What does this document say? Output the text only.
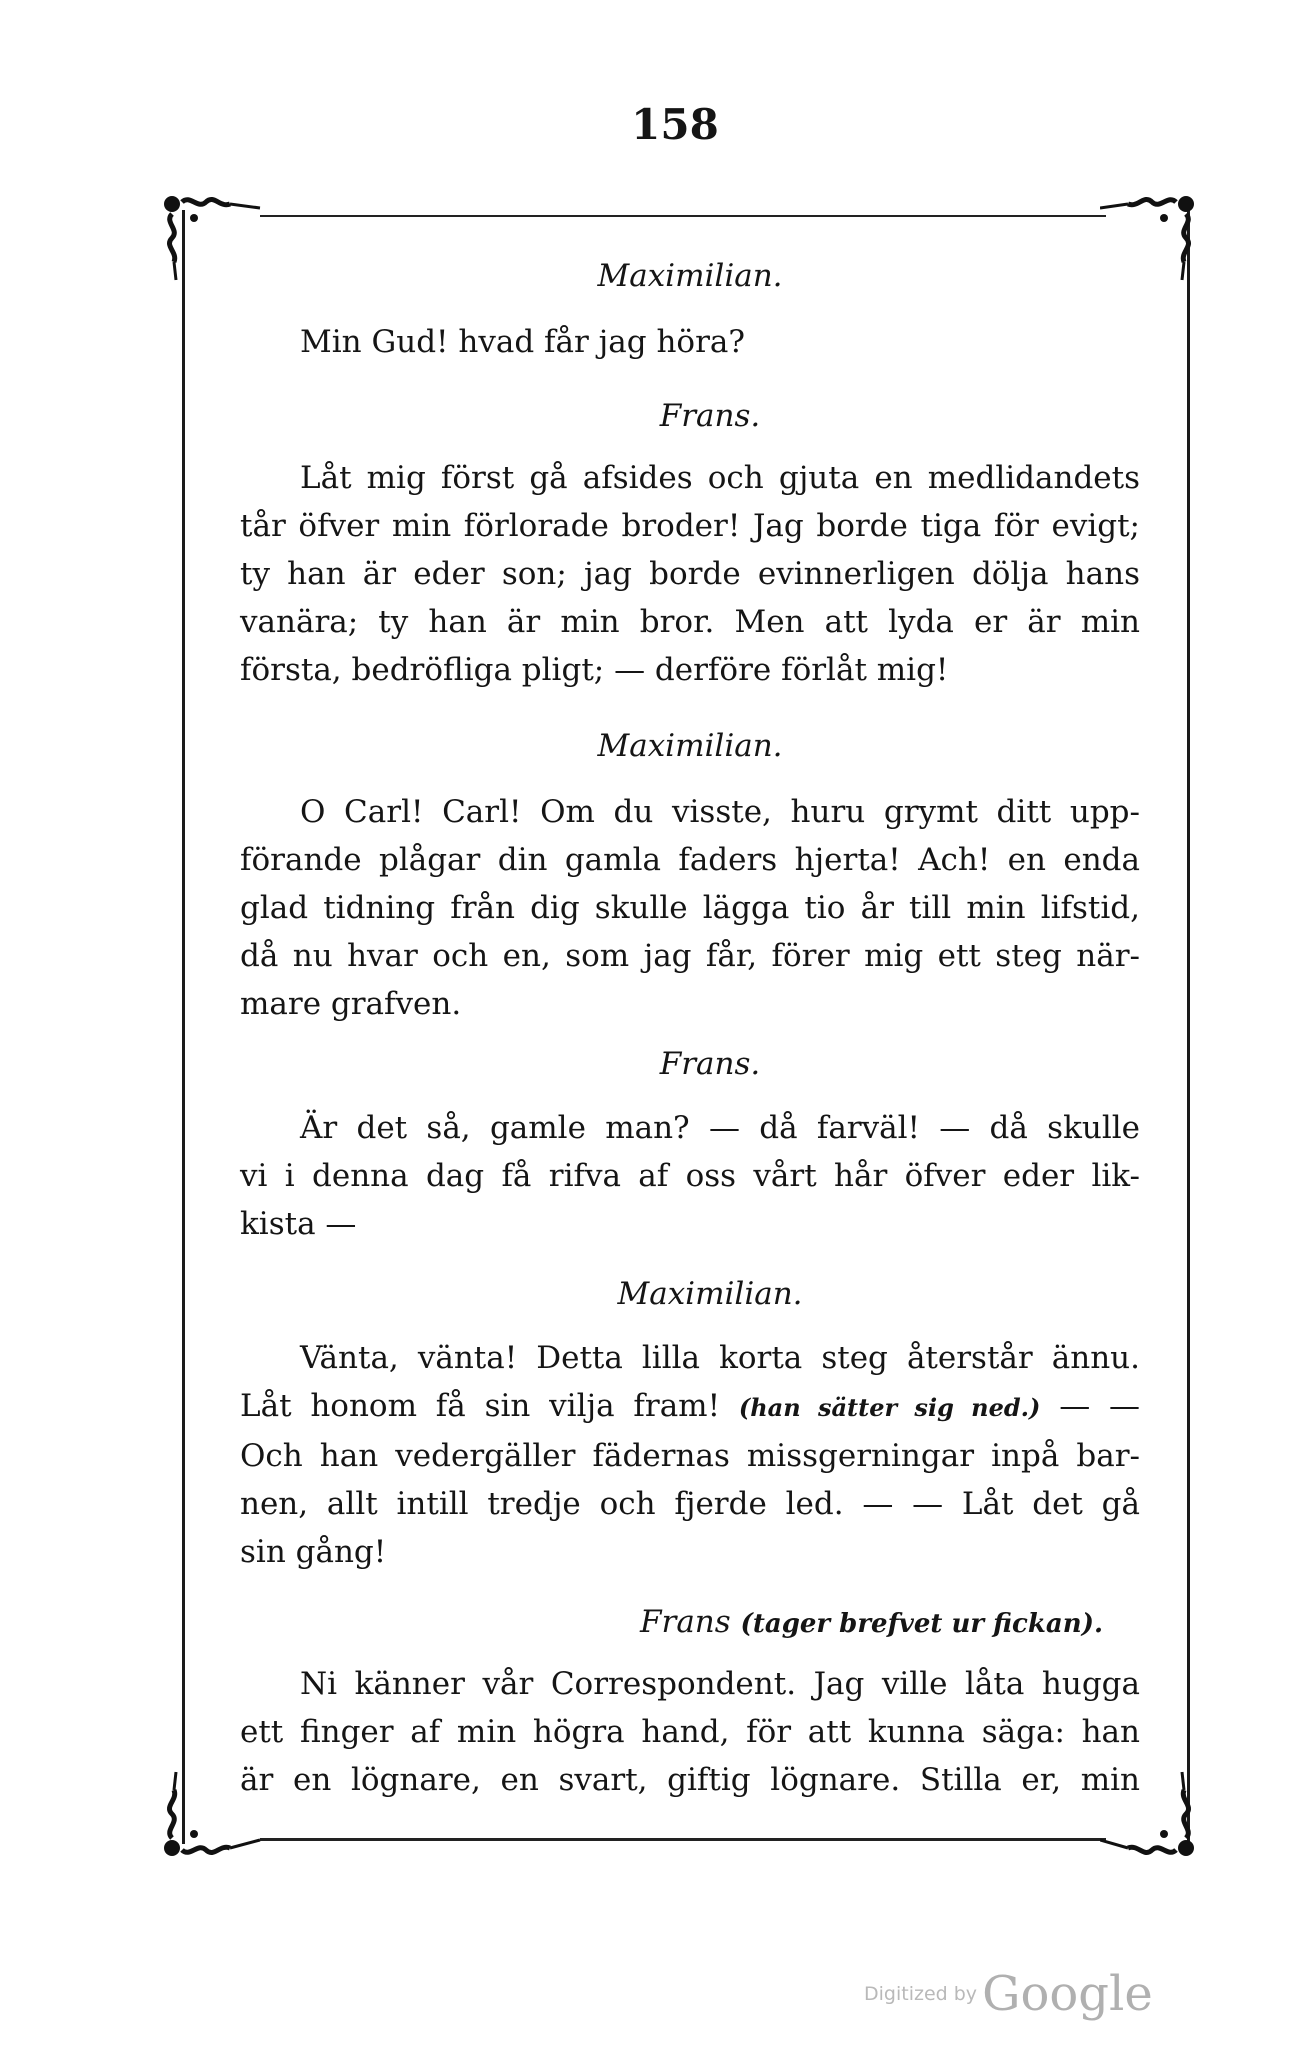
158
Maximilian.
Min Gud! hvad får jag höra?
Frans.
Låt mig först gå afsides och gjuta en medlidandets
tår öfver min förlorade broder! Jag borde tiga för evigt;
ty han är eder son; jag borde evinnerligen dölja hans
vanära; ty han är min bror. Men att lyda er är min
första, bedröfliga pligt; — derföre förlåt mig!
Maximilian.
O Carl! Carl! Om du visste, huru grymt ditt upp-
förande plågar din gamla faders hjerta! Ach! en enda
glad tidning från dig skulle lägga tio år till min lifstid,
då nu hvar och en, som jag får, förer mig ett steg när-
mare grafven.
Frans.
Är det så, gamle man? — då farväl! — då skulle
vi i denna dag få rifva af oss vårt hår öfver eder lik-
kista —
Maximilian.
Vänta, vänta! Detta lilla korta steg återstår ännu.
Låt honom få sin vilja fram! (han sätter sig ned.) — —
Och han vedergäller fädernas missgerningar inpå bar-
nen, allt intill tredje och fjerde led. — — Låt det gå
sin gång!
Frans (tager brefvet ur fickan).
Ni känner vår Correspondent. Jag ville låta hugga
ett finger af min högra hand, för att kunna säga: han
är en lögnare, en svart, giftig lögnare. Stilla er, min
Digitized by Google
